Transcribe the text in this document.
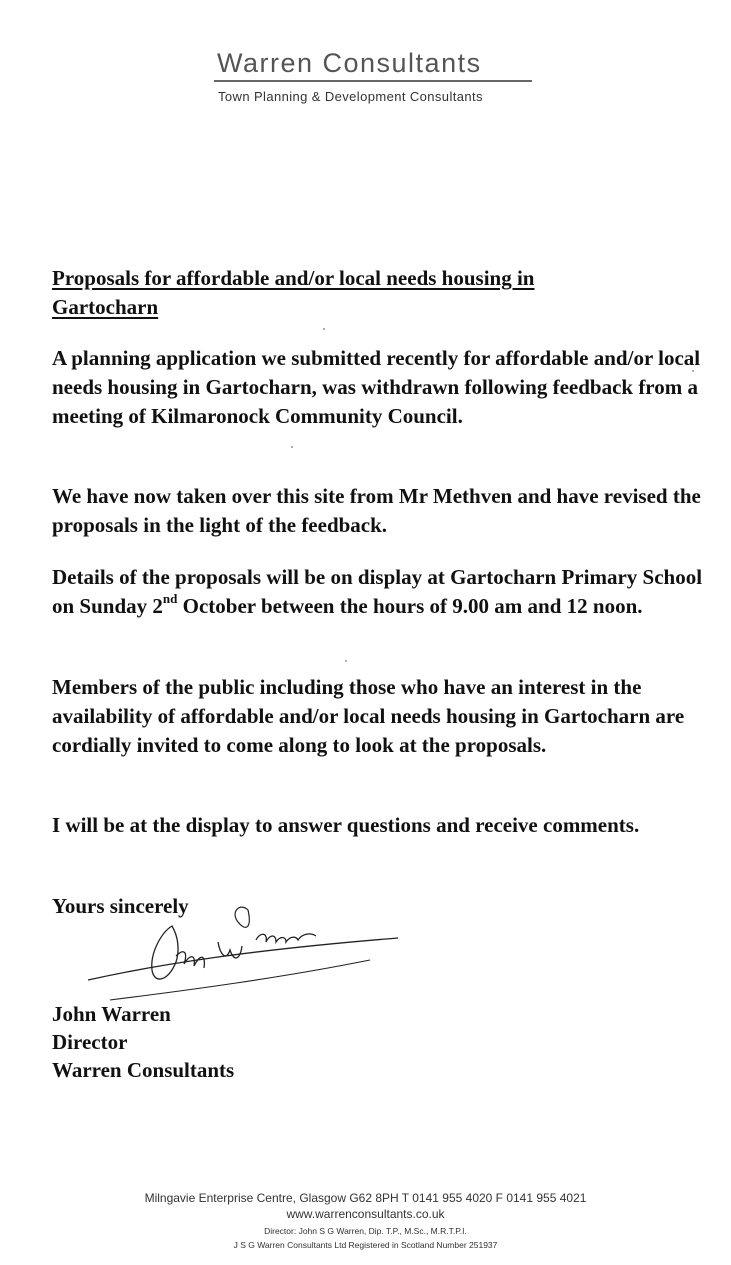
Warren Consultants
Town Planning & Development Consultants
Proposals for affordable and/or local needs housing in Gartocharn
A planning application we submitted recently for affordable and/or local needs housing in Gartocharn, was withdrawn following feedback from a meeting of Kilmaronock Community Council.
We have now taken over this site from Mr Methven and have revised the proposals in the light of the feedback.
Details of the proposals will be on display at Gartocharn Primary School on Sunday 2nd October between the hours of 9.00 am and 12 noon.
Members of the public including those who have an interest in the availability of affordable and/or local needs housing in Gartocharn are cordially invited to come along to look at the proposals.
I will be at the display to answer questions and receive comments.
Yours sincerely
John Warren
Director
Warren Consultants
Milngavie Enterprise Centre, Glasgow G62 8PH T 0141 955 4020 F 0141 955 4021
www.warrenconsultants.co.uk
Director: John S G Warren, Dip. T.P., M.Sc., M.R.T.P.I.
J S G Warren Consultants Ltd Registered in Scotland Number 251937
